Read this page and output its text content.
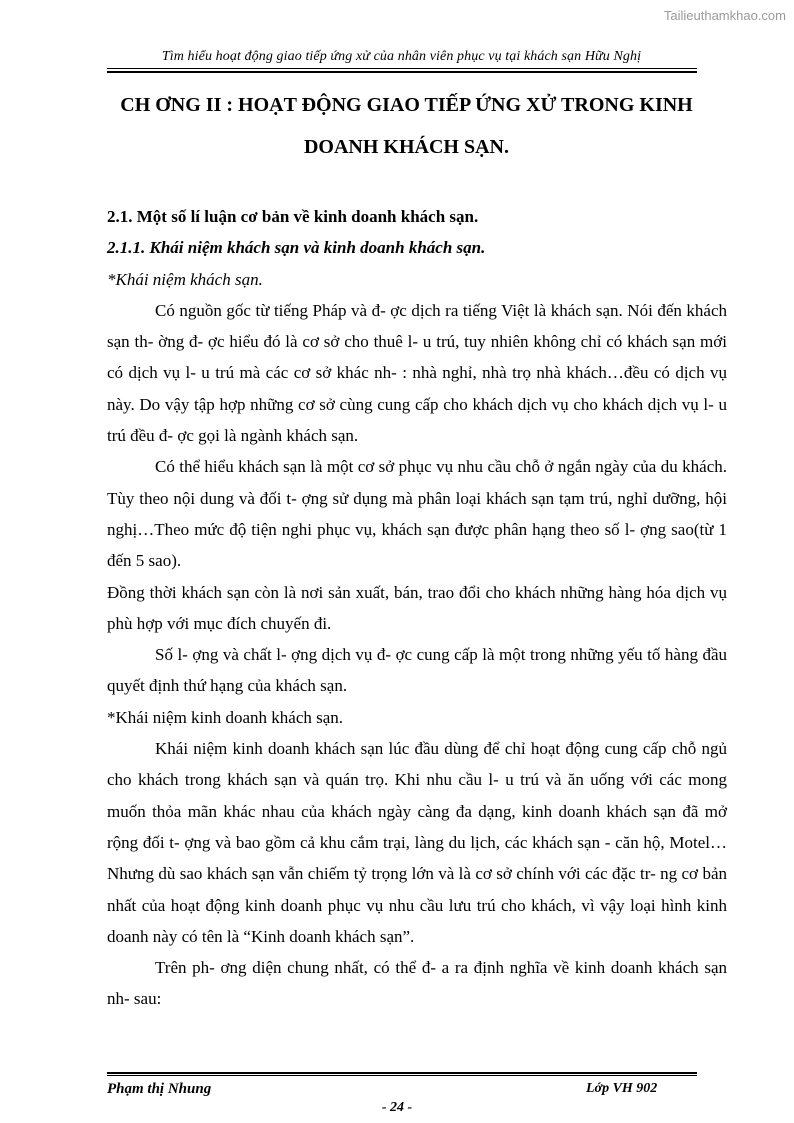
Tailieuthamkhao.com
Tìm hiểu hoạt động giao tiếp ứng xử của nhân viên phục vụ tại khách sạn Hữu Nghị
CH ƠNG II : HOẠT ĐỘNG GIAO TIẾP ỨNG XỬ TRONG KINH
DOANH KHÁCH SẠN.

2.1. Một số lí luận cơ bản về kinh doanh khách sạn.

2.1.1. Khái niệm khách sạn và kinh doanh khách sạn.

*Khái niệm khách sạn.

Có nguồn gốc từ tiếng Pháp và đ- ợc dịch ra tiếng Việt là khách sạn. Nói đến khách sạn th- ờng đ- ợc hiểu đó là cơ sở cho thuê l- u trú, tuy nhiên không chỉ có khách sạn mới có dịch vụ l- u trú mà các cơ sở khác nh- : nhà nghỉ, nhà trọ nhà khách…đều có dịch vụ này. Do vậy tập hợp những cơ sở cùng cung cấp cho khách dịch vụ cho khách dịch vụ l- u trú đều đ- ợc gọi là ngành khách sạn.

Có thể hiểu khách sạn là một cơ sở phục vụ nhu cầu chỗ ở ngắn ngày của du khách. Tùy theo nội dung và đối t- ợng sử dụng mà phân loại khách sạn tạm trú, nghỉ dưỡng, hội nghị…Theo mức độ tiện nghi phục vụ, khách sạn được phân hạng theo số l- ợng sao(từ 1 đến 5 sao).

Đồng thời khách sạn còn là nơi sản xuất, bán, trao đổi cho khách những hàng hóa dịch vụ phù hợp với mục đích chuyến đi.

Số l- ợng và chất l- ợng dịch vụ đ- ợc cung cấp là một trong những yếu tố hàng đầu quyết định thứ hạng của khách sạn.

*Khái niệm kinh doanh khách sạn.

Khái niệm kinh doanh khách sạn lúc đầu dùng để chỉ hoạt động cung cấp chỗ ngủ cho khách trong khách sạn và quán trọ. Khi nhu cầu l- u trú và ăn uống với các mong muốn thỏa mãn khác nhau của khách ngày càng đa dạng, kinh doanh khách sạn đã mở rộng đối t- ợng và bao gồm cả khu cắm trại, làng du lịch, các khách sạn - căn hộ, Motel…Nhưng dù sao khách sạn vẫn chiếm tỷ trọng lớn và là cơ sở chính với các đặc tr- ng cơ bản nhất của hoạt động kinh doanh phục vụ nhu cầu lưu trú cho khách, vì vậy loại hình kinh doanh này có tên là “Kinh doanh khách sạn”.

Trên ph- ơng diện chung nhất, có thể đ- a ra định nghĩa về kinh doanh khách sạn nh- sau:

Phạm thị Nhung	Lớp VH 902
- 24 -
